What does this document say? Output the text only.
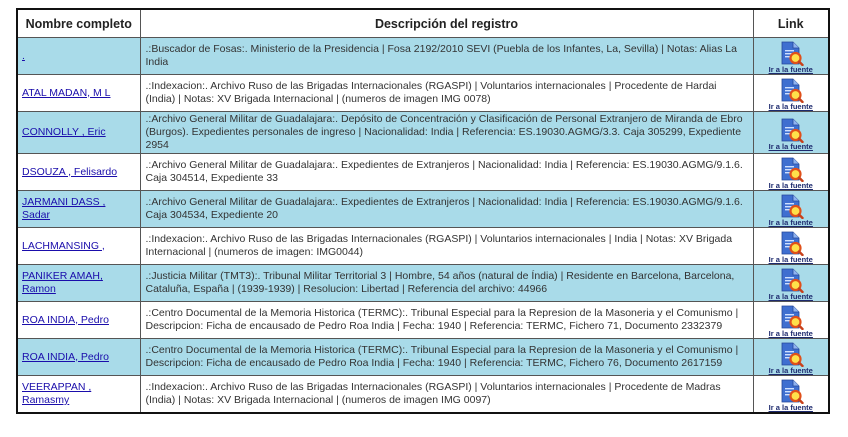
Nombre completo	Descripción del registro	Link
.	.:Buscador de Fosas:. Ministerio de la Presidencia | Fosa 2192/2010 SEVI (Puebla de los Infantes, La, Sevilla) | Notas: Alias La India	Ir a la fuente

ATAL MADAN, M L	.:Indexacion:. Archivo Ruso de las Brigadas Internacionales (RGASPI) | Voluntarios internacionales | Procedente de Hardai (India) | Notas: XV Brigada Internacional | (numeros de imagen IMG 0078)	Ir a la fuente

CONNOLLY , Eric	.:Archivo General Militar de Guadalajara:. Depósito de Concentración y Clasificación de Personal Extranjero de Miranda de Ebro (Burgos). Expedientes personales de ingreso | Nacionalidad: India | Referencia: ES.19030.AGMG/3.3. Caja 305299, Expediente 2954	Ir a la fuente

DSOUZA , Felisardo	.:Archivo General Militar de Guadalajara:. Expedientes de Extranjeros | Nacionalidad: India | Referencia: ES.19030.AGMG/9.1.6. Caja 304514, Expediente 33	Ir a la fuente

JARMANI DASS , Sadar	.:Archivo General Militar de Guadalajara:. Expedientes de Extranjeros | Nacionalidad: India | Referencia: ES.19030.AGMG/9.1.6. Caja 304534, Expediente 20	Ir a la fuente

LACHMANSING ,	.:Indexacion:. Archivo Ruso de las Brigadas Internacionales (RGASPI) | Voluntarios internacionales | India | Notas: XV Brigada Internacional | (numeros de imagen: IMG0044)	Ir a la fuente

PANIKER AMAH, Ramon	.:Justicia Militar (TMT3):. Tribunal Militar Territorial 3 | Hombre, 54 años (natural de Índia) | Residente en Barcelona, Barcelona, Cataluña, España | (1939-1939) | Resolucion: Libertad | Referencia del archivo: 44966	Ir a la fuente

ROA INDIA, Pedro	.:Centro Documental de la Memoria Historica (TERMC):. Tribunal Especial para la Represion de la Masoneria y el Comunismo | Descripcion: Ficha de encausado de Pedro Roa India | Fecha: 1940 | Referencia: TERMC, Fichero 71, Documento 2332379	Ir a la fuente

ROA INDIA, Pedro	.:Centro Documental de la Memoria Historica (TERMC):. Tribunal Especial para la Represion de la Masoneria y el Comunismo | Descripcion: Ficha de encausado de Pedro Roa India | Fecha: 1940 | Referencia: TERMC, Fichero 76, Documento 2617159	Ir a la fuente

VEERAPPAN , Ramasmy	.:Indexacion:. Archivo Ruso de las Brigadas Internacionales (RGASPI) | Voluntarios internacionales | Procedente de Madras (India) | Notas: XV Brigada Internacional | (numeros de imagen IMG 0097)	Ir a la fuente
